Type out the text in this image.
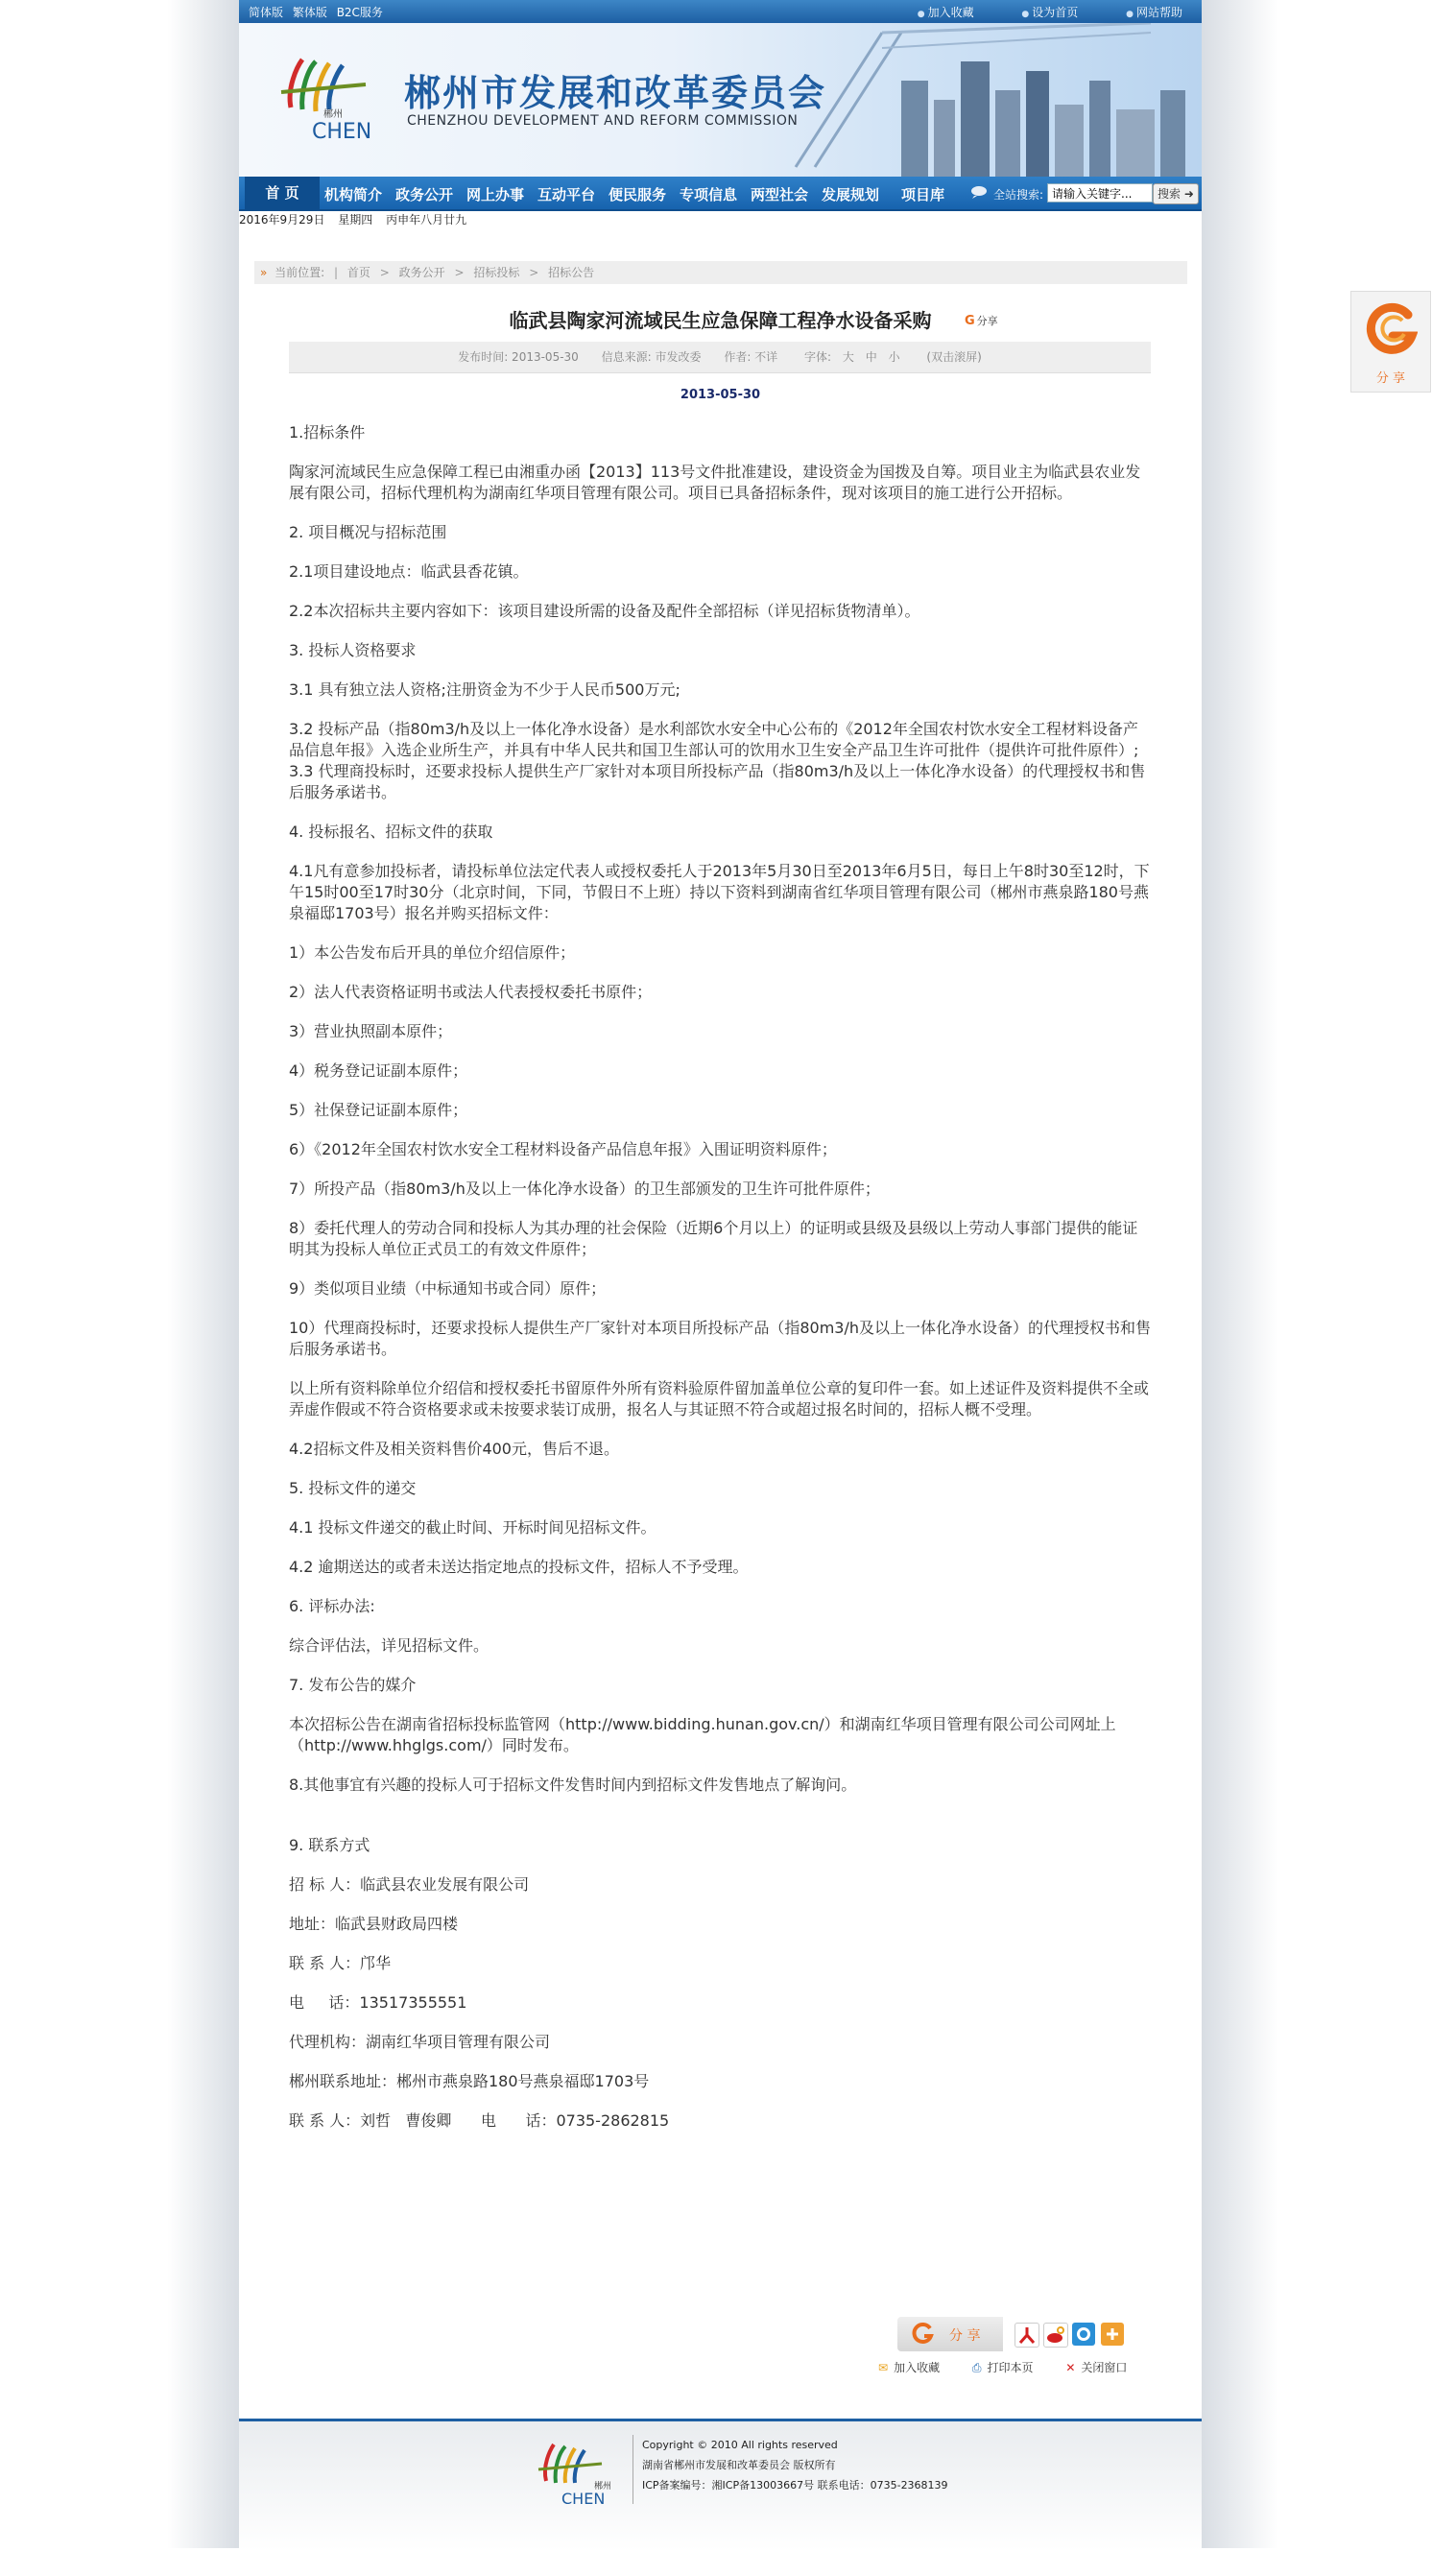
简体版 繁体版 B2C服务	● 加入收藏	● 设为首页	● 网站帮助
郴州
CHEN
郴州市发展和改革委员会
CHENZHOU DEVELOPMENT AND REFORM COMMISSION
首 页	机构简介 政务公开 网上办事 互动平台 便民服务 专项信息 两型社会 发展规划 项目库	全站搜索:
请输入关键字...	搜索 ➜
2016年9月29日 星期四 丙申年八月廿九
» 当前位置: | 首页 > 政务公开 > 招标投标 > 招标公告
临武县陶家河流域民生应急保障工程净水设备采购	G 分享
发布时间: 2013-05-30 信息来源: 市发改委 作者: 不详 字体: 大 中 小 (双击滚屏)
2013-05-30

1.招标条件

陶家河流域民生应急保障工程已由湘重办函【2013】113号文件批准建设，建设资金为国拨及自筹。项目业主为临武县农业发展有限公司，招标代理机构为湖南红华项目管理有限公司。项目已具备招标条件，现对该项目的施工进行公开招标。

2. 项目概况与招标范围

2.1项目建设地点：临武县香花镇。

2.2本次招标共主要内容如下：该项目建设所需的设备及配件全部招标（详见招标货物清单）。

3. 投标人资格要求

3.1 具有独立法人资格;注册资金为不少于人民币500万元;

3.2 投标产品（指80m3/h及以上一体化净水设备）是水利部饮水安全中心公布的《2012年全国农村饮水安全工程材料设备产品信息年报》入选企业所生产，并具有中华人民共和国卫生部认可的饮用水卫生安全产品卫生许可批件（提供许可批件原件）;
3.3 代理商投标时，还要求投标人提供生产厂家针对本项目所投标产品（指80m3/h及以上一体化净水设备）的代理授权书和售后服务承诺书。

4. 投标报名、招标文件的获取

4.1凡有意参加投标者，请投标单位法定代表人或授权委托人于2013年5月30日至2013年6月5日，每日上午8时30至12时，下午15时00至17时30分（北京时间，下同，节假日不上班）持以下资料到湖南省红华项目管理有限公司（郴州市燕泉路180号燕泉福邸1703号）报名并购买招标文件：

1）本公告发布后开具的单位介绍信原件；

2）法人代表资格证明书或法人代表授权委托书原件；

3）营业执照副本原件；

4）税务登记证副本原件；

5）社保登记证副本原件；

6）《2012年全国农村饮水安全工程材料设备产品信息年报》入围证明资料原件；

7）所投产品（指80m3/h及以上一体化净水设备）的卫生部颁发的卫生许可批件原件；

8）委托代理人的劳动合同和投标人为其办理的社会保险（近期6个月以上）的证明或县级及县级以上劳动人事部门提供的能证明其为投标人单位正式员工的有效文件原件；

9）类似项目业绩（中标通知书或合同）原件；

10）代理商投标时，还要求投标人提供生产厂家针对本项目所投标产品（指80m3/h及以上一体化净水设备）的代理授权书和售后服务承诺书。

以上所有资料除单位介绍信和授权委托书留原件外所有资料验原件留加盖单位公章的复印件一套。如上述证件及资料提供不全或弄虚作假或不符合资格要求或未按要求装订成册，报名人与其证照不符合或超过报名时间的，招标人概不受理。

4.2招标文件及相关资料售价400元，售后不退。

5. 投标文件的递交

4.1 投标文件递交的截止时间、开标时间见招标文件。

4.2 逾期送达的或者未送达指定地点的投标文件，招标人不予受理。

6. 评标办法:

综合评估法，详见招标文件。

7. 发布公告的媒介

本次招标公告在湖南省招标投标监管网（http://www.bidding.hunan.gov.cn/）和湖南红华项目管理有限公司公司网址上（http://www.hhglgs.com/）同时发布。

8.其他事宜有兴趣的投标人可于招标文件发售时间内到招标文件发售地点了解询问。

9. 联系方式

招 标 人：临武县农业发展有限公司

地址：临武县财政局四楼

联 系 人：邝华

电     话：13517355551

代理机构：湖南红华项目管理有限公司

郴州联系地址：郴州市燕泉路180号燕泉福邸1703号

联 系 人：刘哲   曹俊卿      电      话：0735-2862815

分 享
✉ 加入收藏	⎙ 打印本页	✕ 关闭窗口
郴州
CHEN
Copyright © 2010 All rights reserved
湖南省郴州市发展和改革委员会 版权所有
ICP备案编号：湘ICP备13003667号 联系电话：0735-2368139
分 享
